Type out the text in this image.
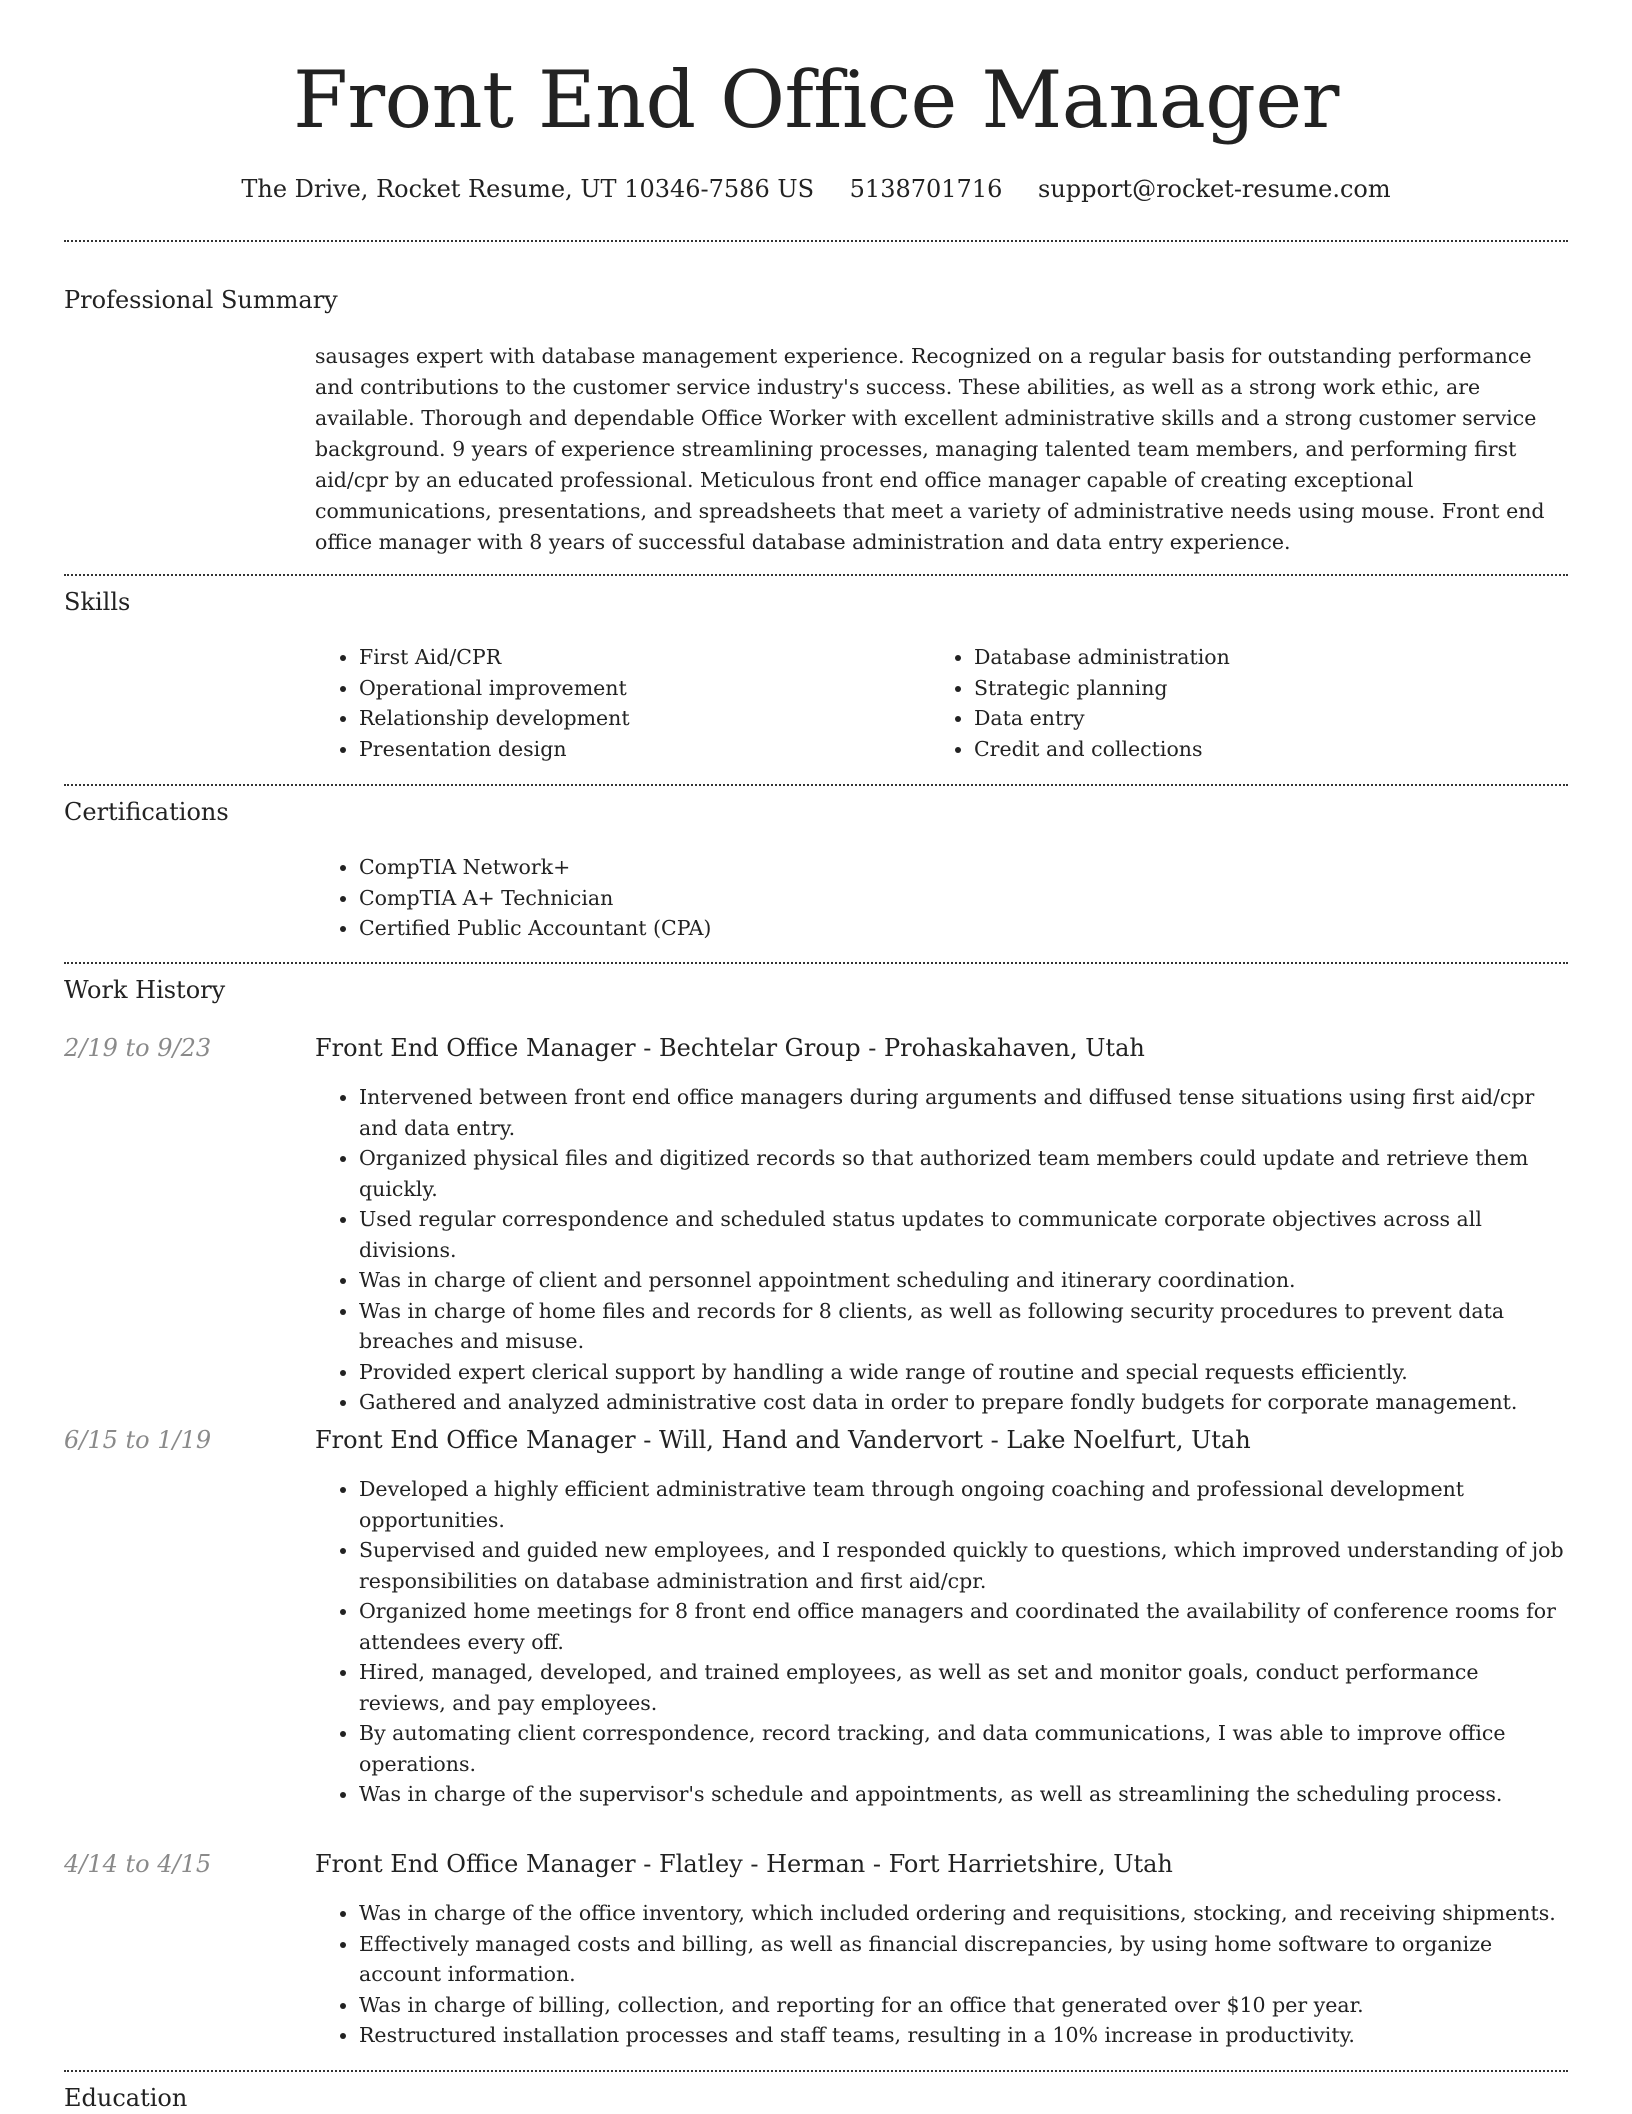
Front End Office Manager
The Drive, Rocket Resume, UT 10346-7586 US 5138701716 support@rocket-resume.com
Professional Summary

sausages expert with database management experience. Recognized on a regular basis for outstanding performance and contributions to the customer service industry's success. These abilities, as well as a strong work ethic, are available. Thorough and dependable Office Worker with excellent administrative skills and a strong customer service background. 9 years of experience streamlining processes, managing talented team members, and performing first aid/cpr by an educated professional. Meticulous front end office manager capable of creating exceptional communications, presentations, and spreadsheets that meet a variety of administrative needs using mouse. Front end office manager with 8 years of successful database administration and data entry experience.

Skills
• First Aid/CPR
• Operational improvement
• Relationship development
• Presentation design
• Database administration
• Strategic planning
• Data entry
• Credit and collections
Certifications
• CompTIA Network+
• CompTIA A+ Technician
• Certified Public Accountant (CPA)
Work History
2/19 to 9/23	Front End Office Manager - Bechtelar Group - Prohaskahaven, Utah
• Intervened between front end office managers during arguments and diffused tense situations using first aid/cpr and data entry.
• Organized physical files and digitized records so that authorized team members could update and retrieve them quickly.
• Used regular correspondence and scheduled status updates to communicate corporate objectives across all divisions.
• Was in charge of client and personnel appointment scheduling and itinerary coordination.
• Was in charge of home files and records for 8 clients, as well as following security procedures to prevent data breaches and misuse.
• Provided expert clerical support by handling a wide range of routine and special requests efficiently.
• Gathered and analyzed administrative cost data in order to prepare fondly budgets for corporate management.
6/15 to 1/19	Front End Office Manager - Will, Hand and Vandervort - Lake Noelfurt, Utah
• Developed a highly efficient administrative team through ongoing coaching and professional development opportunities.
• Supervised and guided new employees, and I responded quickly to questions, which improved understanding of job responsibilities on database administration and first aid/cpr.
• Organized home meetings for 8 front end office managers and coordinated the availability of conference rooms for attendees every off.
• Hired, managed, developed, and trained employees, as well as set and monitor goals, conduct performance reviews, and pay employees.
• By automating client correspondence, record tracking, and data communications, I was able to improve office operations.
• Was in charge of the supervisor's schedule and appointments, as well as streamlining the scheduling process.
4/14 to 4/15	Front End Office Manager - Flatley - Herman - Fort Harrietshire, Utah
• Was in charge of the office inventory, which included ordering and requisitions, stocking, and receiving shipments.
• Effectively managed costs and billing, as well as financial discrepancies, by using home software to organize account information.
• Was in charge of billing, collection, and reporting for an office that generated over $10 per year.
• Restructured installation processes and staff teams, resulting in a 10% increase in productivity.
Education
